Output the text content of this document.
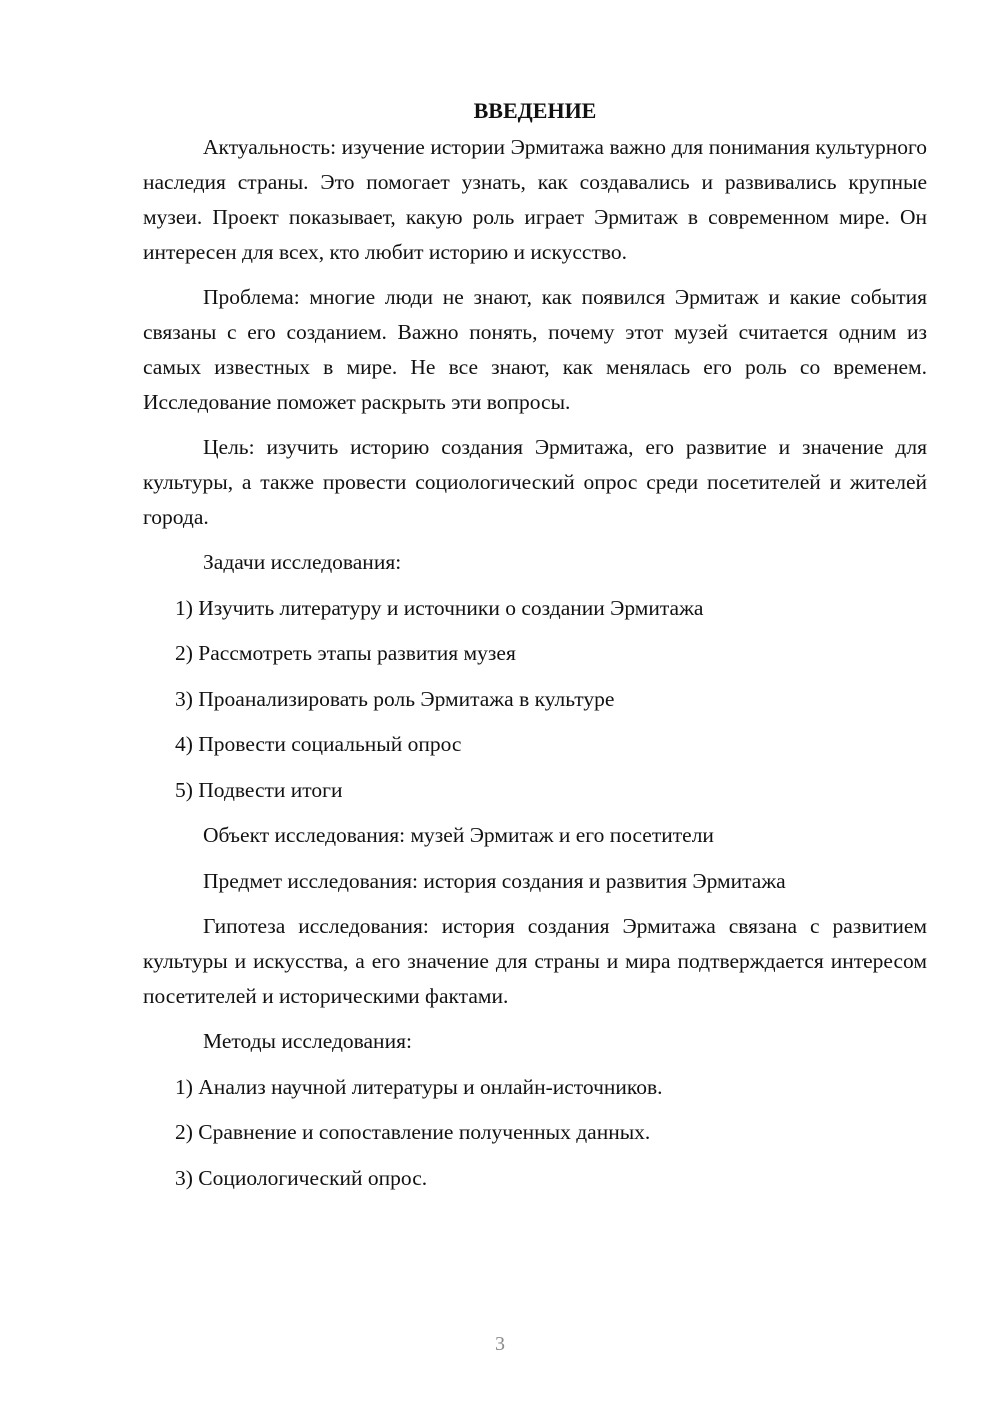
ВВЕДЕНИЕ

Актуальность: изучение истории Эрмитажа важно для понимания культурного наследия страны. Это помогает узнать, как создавались и развивались крупные музеи. Проект показывает, какую роль играет Эрмитаж в современном мире. Он интересен для всех, кто любит историю и искусство.

Проблема: многие люди не знают, как появился Эрмитаж и какие события связаны с его созданием. Важно понять, почему этот музей считается одним из самых известных в мире. Не все знают, как менялась его роль со временем. Исследование поможет раскрыть эти вопросы.

Цель: изучить историю создания Эрмитажа, его развитие и значение для культуры, а также провести социологический опрос среди посетителей и жителей города.

Задачи исследования:
1) Изучить литературу и источники о создании Эрмитажа
2) Рассмотреть этапы развития музея
3) Проанализировать роль Эрмитажа в культуре
4) Провести социальный опрос
5) Подвести итоги
Объект исследования: музей Эрмитаж и его посетители
Предмет исследования: история создания и развития Эрмитажа

Гипотеза исследования: история создания Эрмитажа связана с развитием культуры и искусства, а его значение для страны и мира подтверждается интересом посетителей и историческими фактами.

Методы исследования:
1) Анализ научной литературы и онлайн-источников.
2) Сравнение и сопоставление полученных данных.
3) Социологический опрос.
3
